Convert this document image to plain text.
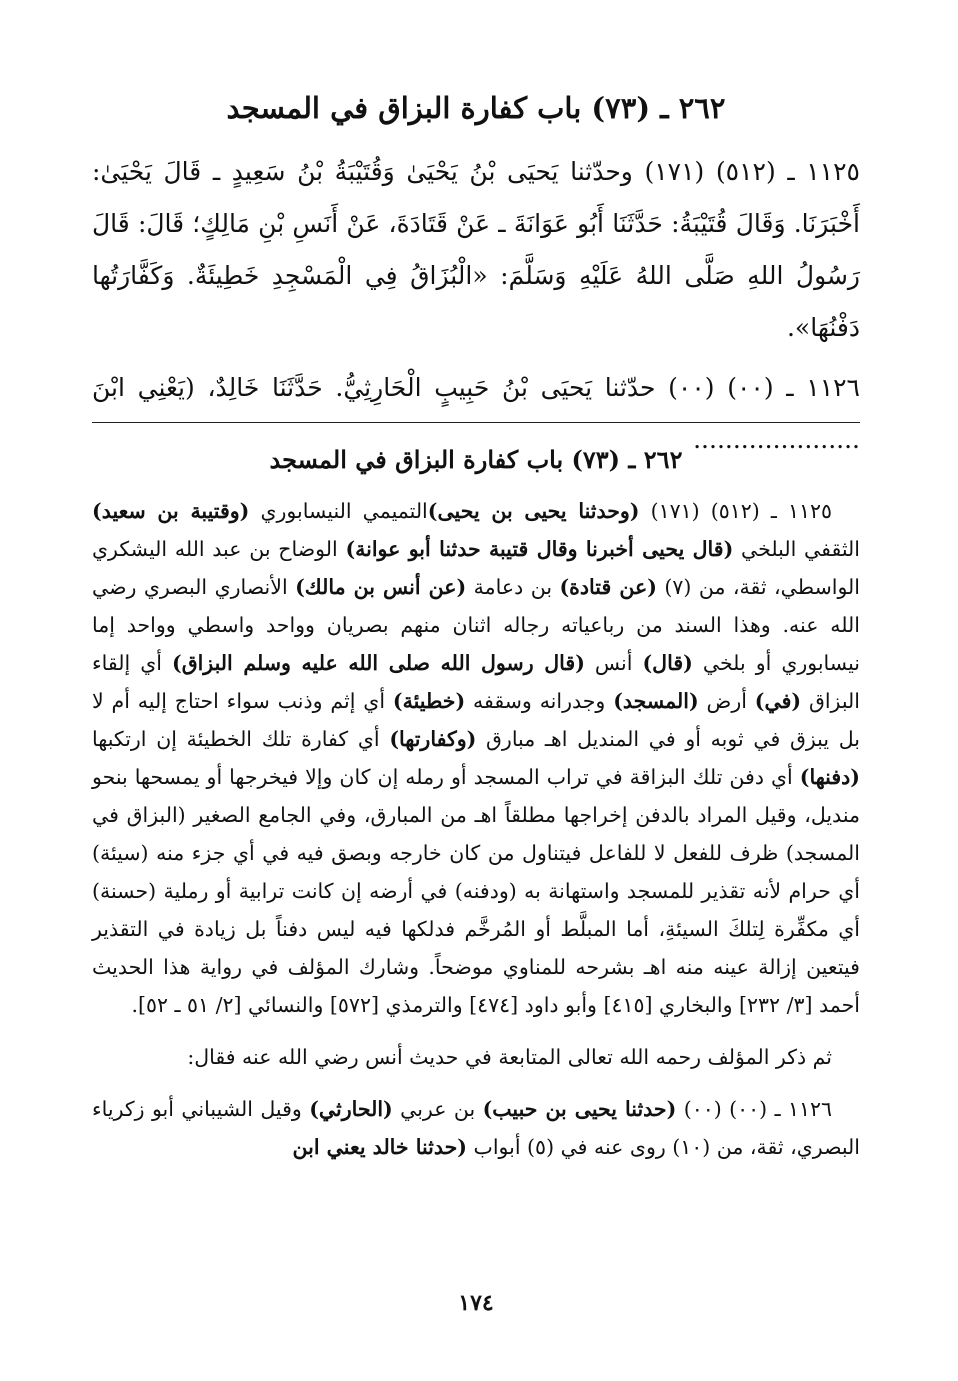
٢٦٢ ـ (٧٣) باب كفارة البزاق في المسجد

١١٢٥ ـ (٥١٢) (١٧١) وحدّثنا يَحيَى بْنُ يَحْيَىٰ وَقُتَيْبَةُ بْنُ سَعِيدٍ ـ قَالَ يَحْيَىٰ: أَخْبَرَنَا. وَقَالَ قُتَيْبَةُ: حَدَّثَنَا أَبُو عَوَانَةَ ـ عَنْ قَتَادَةَ، عَنْ أَنَسِ بْنِ مَالِكٍ؛ قَالَ: قَالَ رَسُولُ اللهِ صَلَّى اللهُ عَلَيْهِ وَسَلَّمَ: «الْبُزَاقُ فِي الْمَسْجِدِ خَطِيئَةٌ. وَكَفَّارَتُها دَفْنُهَا».

١١٢٦ ـ (٠٠) (٠٠) حدّثنا يَحيَى بْنُ حَبِيبٍ الْحَارِثِيُّ. حَدَّثَنَا خَالِدٌ، (يَعْنِي ابْنَ .....................

٢٦٢ ـ (٧٣) باب كفارة البزاق في المسجد

١١٢٥ ـ (٥١٢) (١٧١) (وحدثنا يحيى بن يحيى)التميمي النيسابوري (وقتيبة بن سعيد) الثقفي البلخي (قال يحيى أخبرنا وقال قتيبة حدثنا أبو عوانة) الوضاح بن عبد الله اليشكري الواسطي، ثقة، من (٧) (عن قتادة) بن دعامة (عن أنس بن مالك) الأنصاري البصري رضي الله عنه. وهذا السند من رباعياته رجاله اثنان منهم بصريان وواحد واسطي وواحد إما نيسابوري أو بلخي (قال) أنس (قال رسول الله صلى الله عليه وسلم البزاق) أي إلقاء البزاق (في) أرض (المسجد) وجدرانه وسقفه (خطيئة) أي إثم وذنب سواء احتاج إليه أم لا بل يبزق في ثوبه أو في المنديل اهـ مبارق (وكفارتها) أي كفارة تلك الخطيئة إن ارتكبها (دفنها) أي دفن تلك البزاقة في تراب المسجد أو رمله إن كان وإلا فيخرجها أو يمسحها بنحو منديل، وقيل المراد بالدفن إخراجها مطلقاً اهـ من المبارق، وفي الجامع الصغير (البزاق في المسجد) ظرف للفعل لا للفاعل فيتناول من كان خارجه وبصق فيه في أي جزء منه (سيئة) أي حرام لأنه تقذير للمسجد واستهانة به (ودفنه) في أرضه إن كانت ترابية أو رملية (حسنة) أي مكفِّرة لِتلكَ السيئةِ، أما المبلَّط أو المُرخَّم فدلكها فيه ليس دفناً بل زيادة في التقذير فيتعين إزالة عينه منه اهـ بشرحه للمناوي موضحاً. وشارك المؤلف في رواية هذا الحديث أحمد [٣/ ٢٣٢] والبخاري [٤١٥] وأبو داود [٤٧٤] والترمذي [٥٧٢] والنسائي [٢/ ٥١ ـ ٥٢].

ثم ذكر المؤلف رحمه الله تعالى المتابعة في حديث أنس رضي الله عنه فقال:

١١٢٦ ـ (٠٠) (٠٠) (حدثنا يحيى بن حبيب) بن عربي (الحارثي) وقيل الشيباني أبو زكرياء البصري، ثقة، من (١٠) روى عنه في (٥) أبواب (حدثنا خالد يعني ابن

١٧٤
